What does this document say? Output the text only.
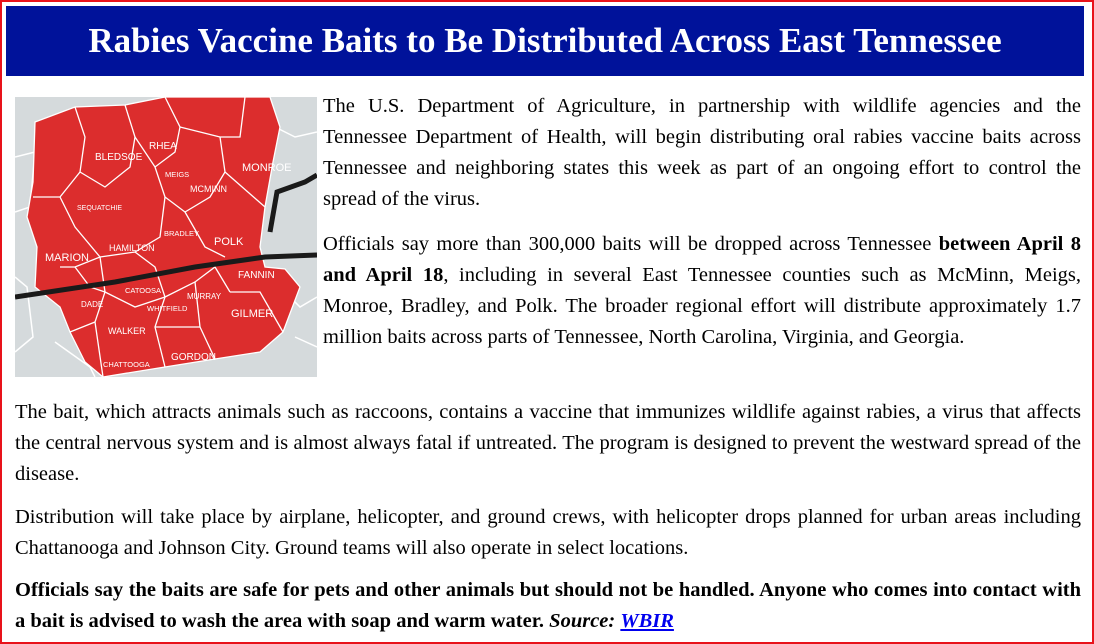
Rabies Vaccine Baits to Be Distributed Across East Tennessee
BLEDSOE
RHEA
MEIGS
MCMINN
MONROE
SEQUATCHIE
BRADLEY
POLK
MARION
HAMILTON
FANNIN
CATOOSA
MURRAY
DADE	WHITFIELD	GILMER
WALKER
CHATTOOGA
GORDON

The U.S. Department of Agriculture, in partnership with wildlife agencies and the Tennessee Department of Health, will begin distributing oral rabies vaccine baits across Tennessee and neighboring states this week as part of an ongoing effort to control the spread of the virus.

Officials say more than 300,000 baits will be dropped across Tennessee between April 8 and April 18, including in several East Tennessee counties such as McMinn, Meigs, Monroe, Bradley, and Polk. The broader regional effort will distribute approximately 1.7 million baits across parts of Tennessee, North Carolina, Virginia, and Georgia.

The bait, which attracts animals such as raccoons, contains a vaccine that immunizes wildlife against rabies, a virus that affects the central nervous system and is almost always fatal if untreated. The program is designed to prevent the westward spread of the disease.

Distribution will take place by airplane, helicopter, and ground crews, with helicopter drops planned for urban areas including Chattanooga and Johnson City. Ground teams will also operate in select locations.

Officials say the baits are safe for pets and other animals but should not be handled. Anyone who comes into contact with a bait is advised to wash the area with soap and warm water. Source: WBIR
